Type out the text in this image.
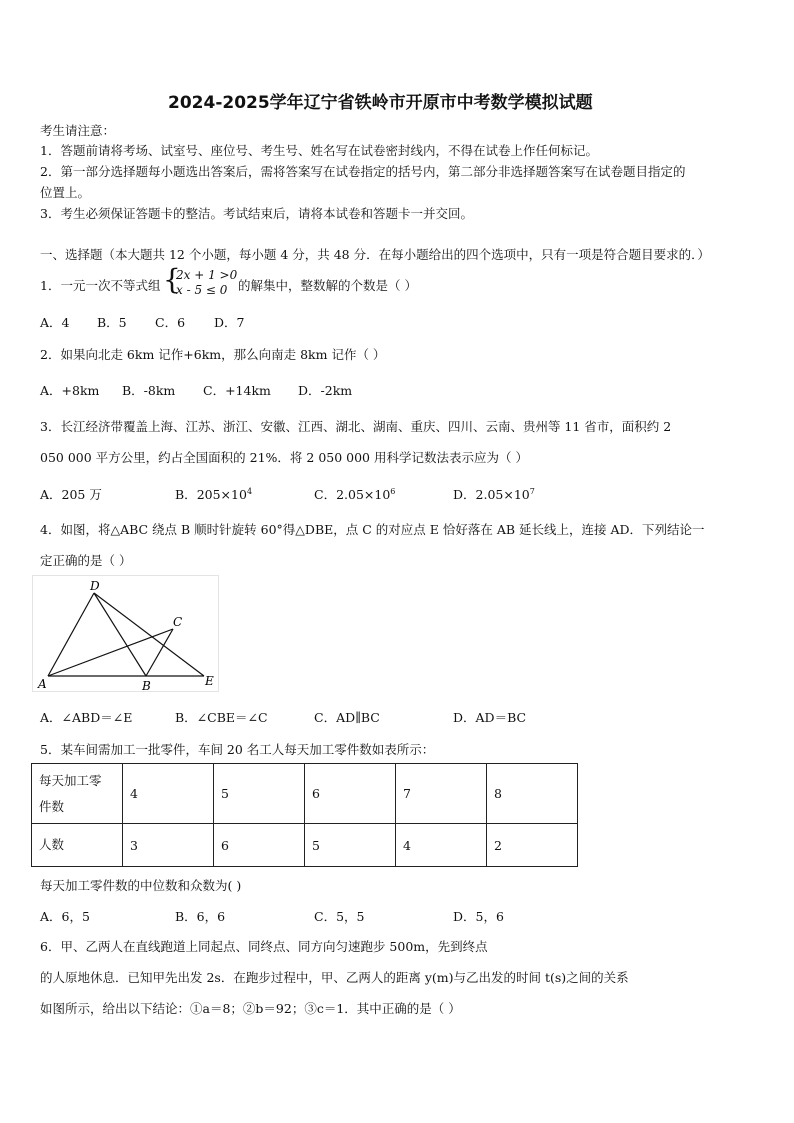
2024-2025学年辽宁省铁岭市开原市中考数学模拟试题
考生请注意：
1．答题前请将考场、试室号、座位号、考生号、姓名写在试卷密封线内，不得在试卷上作任何标记。
2．第一部分选择题每小题选出答案后，需将答案写在试卷指定的括号内，第二部分非选择题答案写在试卷题目指定的
位置上。
3．考生必须保证答题卡的整洁。考试结束后，请将本试卷和答题卡一并交回。
一、选择题（本大题共 12 个小题，每小题 4 分，共 48 分．在每小题给出的四个选项中，只有一项是符合题目要求的．）
1．一元一次不等式组 {
2x + 1 >0
x - 5 ≤ 0 的解集中，整数解的个数是（ ）
A．4 B．5 C．6 D．7
2．如果向北走 6km 记作+6km，那么向南走 8km 记作（ ）
A．+8km B．-8km C．+14km D．-2km
3．长江经济带覆盖上海、江苏、浙江、安徽、江西、湖北、湖南、重庆、四川、云南、贵州等 11 省市，面积约 2
050 000 平方公里，约占全国面积的 21%．将 2 050 000 用科学记数法表示应为（ ）
A．205 万	B．$205\times 10^4$	C．$2.05\times 10^6$	D．$2.05\times 10^7$
4．如图，将△ABC 绕点 B 顺时针旋转 60°得△DBE，点 C 的对应点 E 恰好落在 AB 延长线上，连接 AD．下列结论一
定正确的是（ ）
D
C
A	B	E
A．∠ABD＝∠E	B．∠CBE＝∠C	C．AD∥BC	D．AD＝BC
5．某车间需加工一批零件，车间 20 名工人每天加工零件数如表所示：
每天加工零
件数	4	5	6	7	8
人数	3	6	5	4	2
每天加工零件数的中位数和众数为( )
A．6，5	B．6，6	C．5，5	D．5，6
6．甲、乙两人在直线跑道上同起点、同终点、同方向匀速跑步 500m，先到终点
的人原地休息．已知甲先出发 2s．在跑步过程中，甲、乙两人的距离 y(m)与乙出发的时间 t(s)之间的关系
如图所示，给出以下结论：①a＝8；②b＝92；③c＝1．其中正确的是（ ）
